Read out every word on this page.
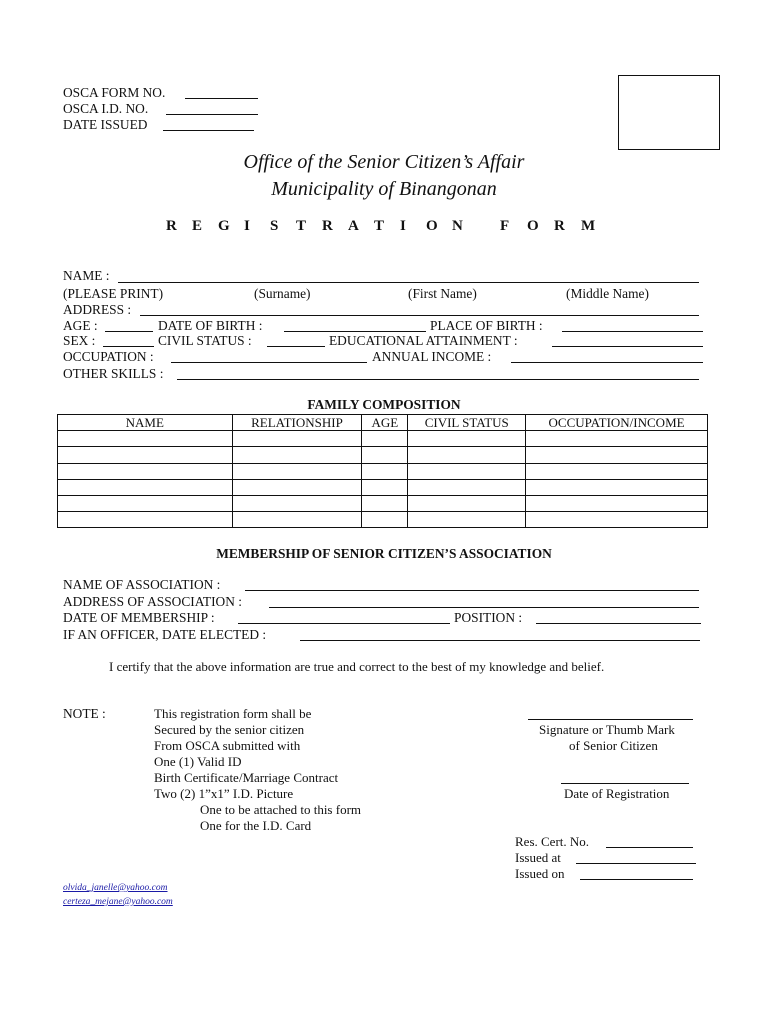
OSCA FORM NO.
OSCA I.D. NO.
DATE ISSUED
Office of the Senior Citizen’s Affair
Municipality of Binangonan
R E G I S T R A T I O N F O R M
NAME :
(PLEASE PRINT)	(Surname)	(First Name)	(Middle Name)
ADDRESS :
AGE :	DATE OF BIRTH :	PLACE OF BIRTH :
SEX :	CIVIL STATUS :	EDUCATIONAL ATTAINMENT :
OCCUPATION :	ANNUAL INCOME :
OTHER SKILLS :
FAMILY COMPOSITION
NAME	RELATIONSHIP	AGE	CIVIL STATUS	OCCUPATION/INCOME

MEMBERSHIP OF SENIOR CITIZEN’S ASSOCIATION
NAME OF ASSOCIATION :
ADDRESS OF ASSOCIATION :
DATE OF MEMBERSHIP :	POSITION :
IF AN OFFICER, DATE ELECTED :
I certify that the above information are true and correct to the best of my knowledge and belief.
NOTE :	This registration form shall be
Secured by the senior citizen
From OSCA submitted with
One (1) Valid ID
Birth Certificate/Marriage Contract
Two (2) 1”x1” I.D. Picture
One to be attached to this form
One for the I.D. Card
Signature or Thumb Mark
of Senior Citizen
Date of Registration
Res. Cert. No.
Issued at
Issued on
olvida_janelle@yahoo.com
certeza_mejane@yahoo.com
